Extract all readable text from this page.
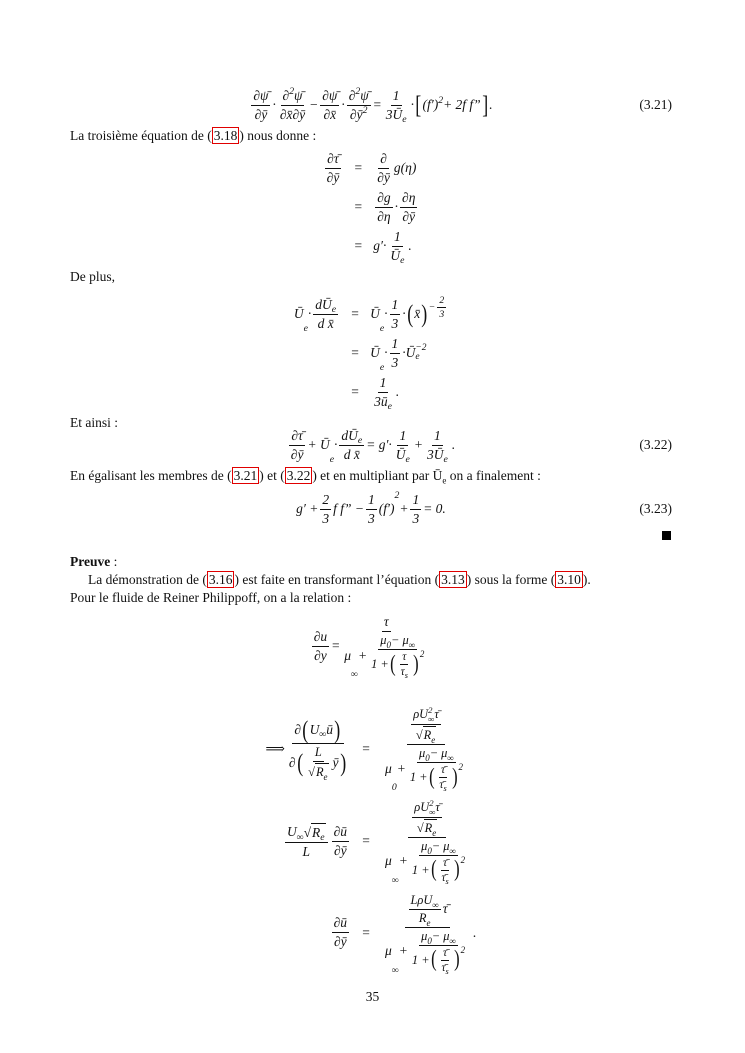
$\frac{\partial\psī}{\partial ȳ} \cdot \frac{\partial 2 \psī}{\partial x̄\partial ȳ} - \frac{\partial\psī}{\partial x̄} \cdot \frac{\partial 2 \psī}{\partial ȳ 2} = \frac{1}{\text{3Ū e}}$ · [ (f′) 2 + 2f f” ] .	(3.21)
La troisième équation de ( 3.18 ) nous donne :
$\frac{\partial\taū}{\partial ȳ} = \frac{\partial}{\partial ȳ} g(\eta)$
= $\frac{\partial g}{\partial\eta} \cdot \frac{\partial\eta}{\partial ȳ}$
= $g'\cdot \frac{1}{\text{Ū e}}$ .
De plus,
Ū
e
· $\frac{\text{dŪ e}}{\text{d x̄}}$ = Ū
e
· $\frac{1}{3}$ · ( x̄ ) − $\frac{2}{3}$
= Ū
e
· $\frac{1}{3}$ ·Ū −2
e
= $\frac{1}{\text{3ū e}}$ .
Et ainsi :
$\frac{\partial\taū}{\partial ȳ}$ + Ū
e
· $\frac{\text{dŪ e}}{\text{d x̄}} = g'\cdot \frac{1}{\text{Ū e}} + \frac{1}{\text{3Ū e}}$ .	(3.22)
En égalisant les membres de ( 3.21 ) et ( 3.22 ) et en multipliant par $Ū_e$ on a finalement :
$g' + \frac{2}{3}$ f f” − $\frac{1}{3} (f')$
2
+ $\frac{1}{3} = 0$.	(3.23)
Preuve :
La démonstration de ( 3.16 ) est faite en transformant l’équation ( 3.13 ) sous la forme ( 3.10 ).
Pour le fluide de Reiner Philippoff, on a la relation :
$\frac{\partial u}{\partial y} = \tau$
μ
∞
+ $\frac{\mu 0 - \mu \infty}{1 + ( \frac{\tau}{\text{τ s}} ) 2}$
⟹ $\frac{\partial ( U \infty ū )}{\partial ( \frac{L}{\text{√ R e}} ȳ )}$ =	ρU 2
∞ τ̄
√ R e
μ
0
+ $\frac{\mu 0 - \mu \infty}{1 + ( \frac{\taū}{\taū s} ) 2}$
$\frac{\text{U ∞ √ R e}}{L} \frac{\partial ū}{\partial ȳ}$ =	ρU 2
∞ τ̄
√ R e
μ
∞
+ $\frac{\mu 0 - \mu \infty}{1 + ( \frac{\taū}{\taū s} ) 2}$
$\frac{\partial ū}{\partial ȳ}$ =	$\frac{\text{LρU ∞}}{\text{R e}}$ τ̄
μ
∞
+ $\frac{\mu 0 - \mu \infty}{1 + ( \frac{\taū}{\taū s} ) 2}$ .
35
